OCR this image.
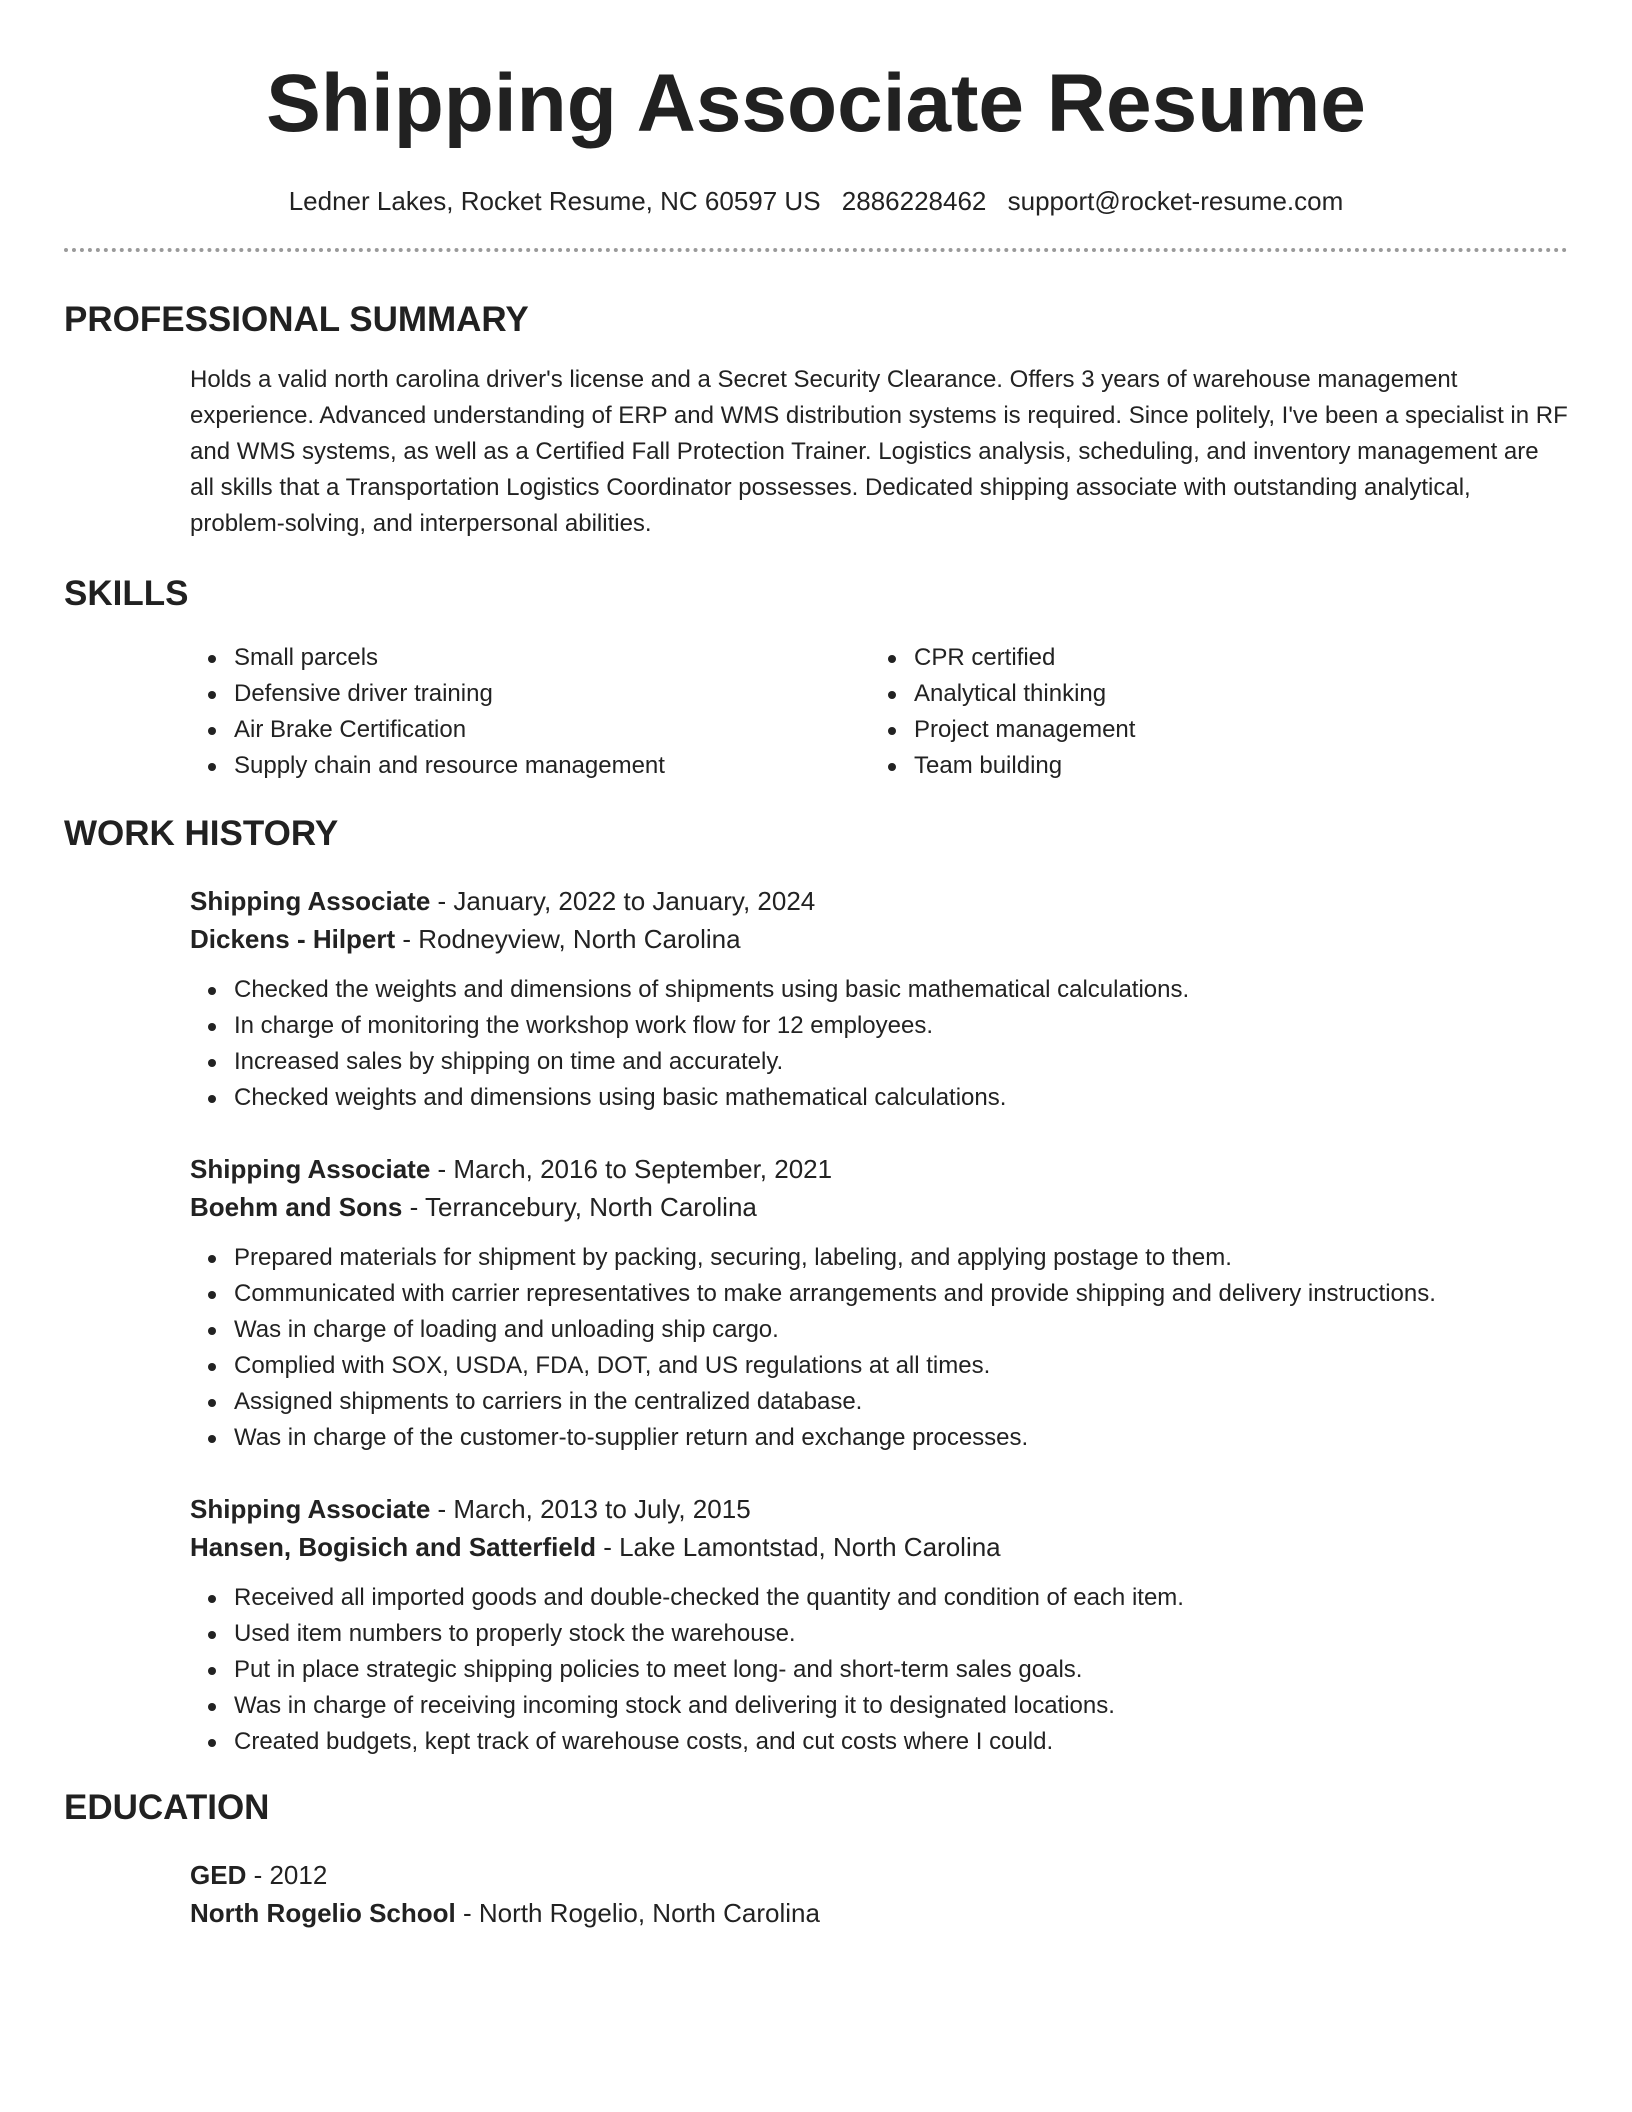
Shipping Associate Resume
Ledner Lakes, Rocket Resume, NC 60597 US 2886228462 support@rocket-resume.com
PROFESSIONAL SUMMARY
Holds a valid north carolina driver's license and a Secret Security Clearance. Offers 3 years of warehouse management experience. Advanced understanding of ERP and WMS distribution systems is required. Since politely, I've been a specialist in RF and WMS systems, as well as a Certified Fall Protection Trainer. Logistics analysis, scheduling, and inventory management are all skills that a Transportation Logistics Coordinator possesses. Dedicated shipping associate with outstanding analytical, problem-solving, and interpersonal abilities.
SKILLS
Small parcels
Defensive driver training
Air Brake Certification
Supply chain and resource management
CPR certified
Analytical thinking
Project management
Team building
WORK HISTORY
Shipping Associate - January, 2022 to January, 2024
Dickens - Hilpert - Rodneyview, North Carolina
Checked the weights and dimensions of shipments using basic mathematical calculations.
In charge of monitoring the workshop work flow for 12 employees.
Increased sales by shipping on time and accurately.
Checked weights and dimensions using basic mathematical calculations.
Shipping Associate - March, 2016 to September, 2021
Boehm and Sons - Terrancebury, North Carolina
Prepared materials for shipment by packing, securing, labeling, and applying postage to them.
Communicated with carrier representatives to make arrangements and provide shipping and delivery instructions.
Was in charge of loading and unloading ship cargo.
Complied with SOX, USDA, FDA, DOT, and US regulations at all times.
Assigned shipments to carriers in the centralized database.
Was in charge of the customer-to-supplier return and exchange processes.
Shipping Associate - March, 2013 to July, 2015
Hansen, Bogisich and Satterfield - Lake Lamontstad, North Carolina
Received all imported goods and double-checked the quantity and condition of each item.
Used item numbers to properly stock the warehouse.
Put in place strategic shipping policies to meet long- and short-term sales goals.
Was in charge of receiving incoming stock and delivering it to designated locations.
Created budgets, kept track of warehouse costs, and cut costs where I could.
EDUCATION
GED - 2012
North Rogelio School - North Rogelio, North Carolina
